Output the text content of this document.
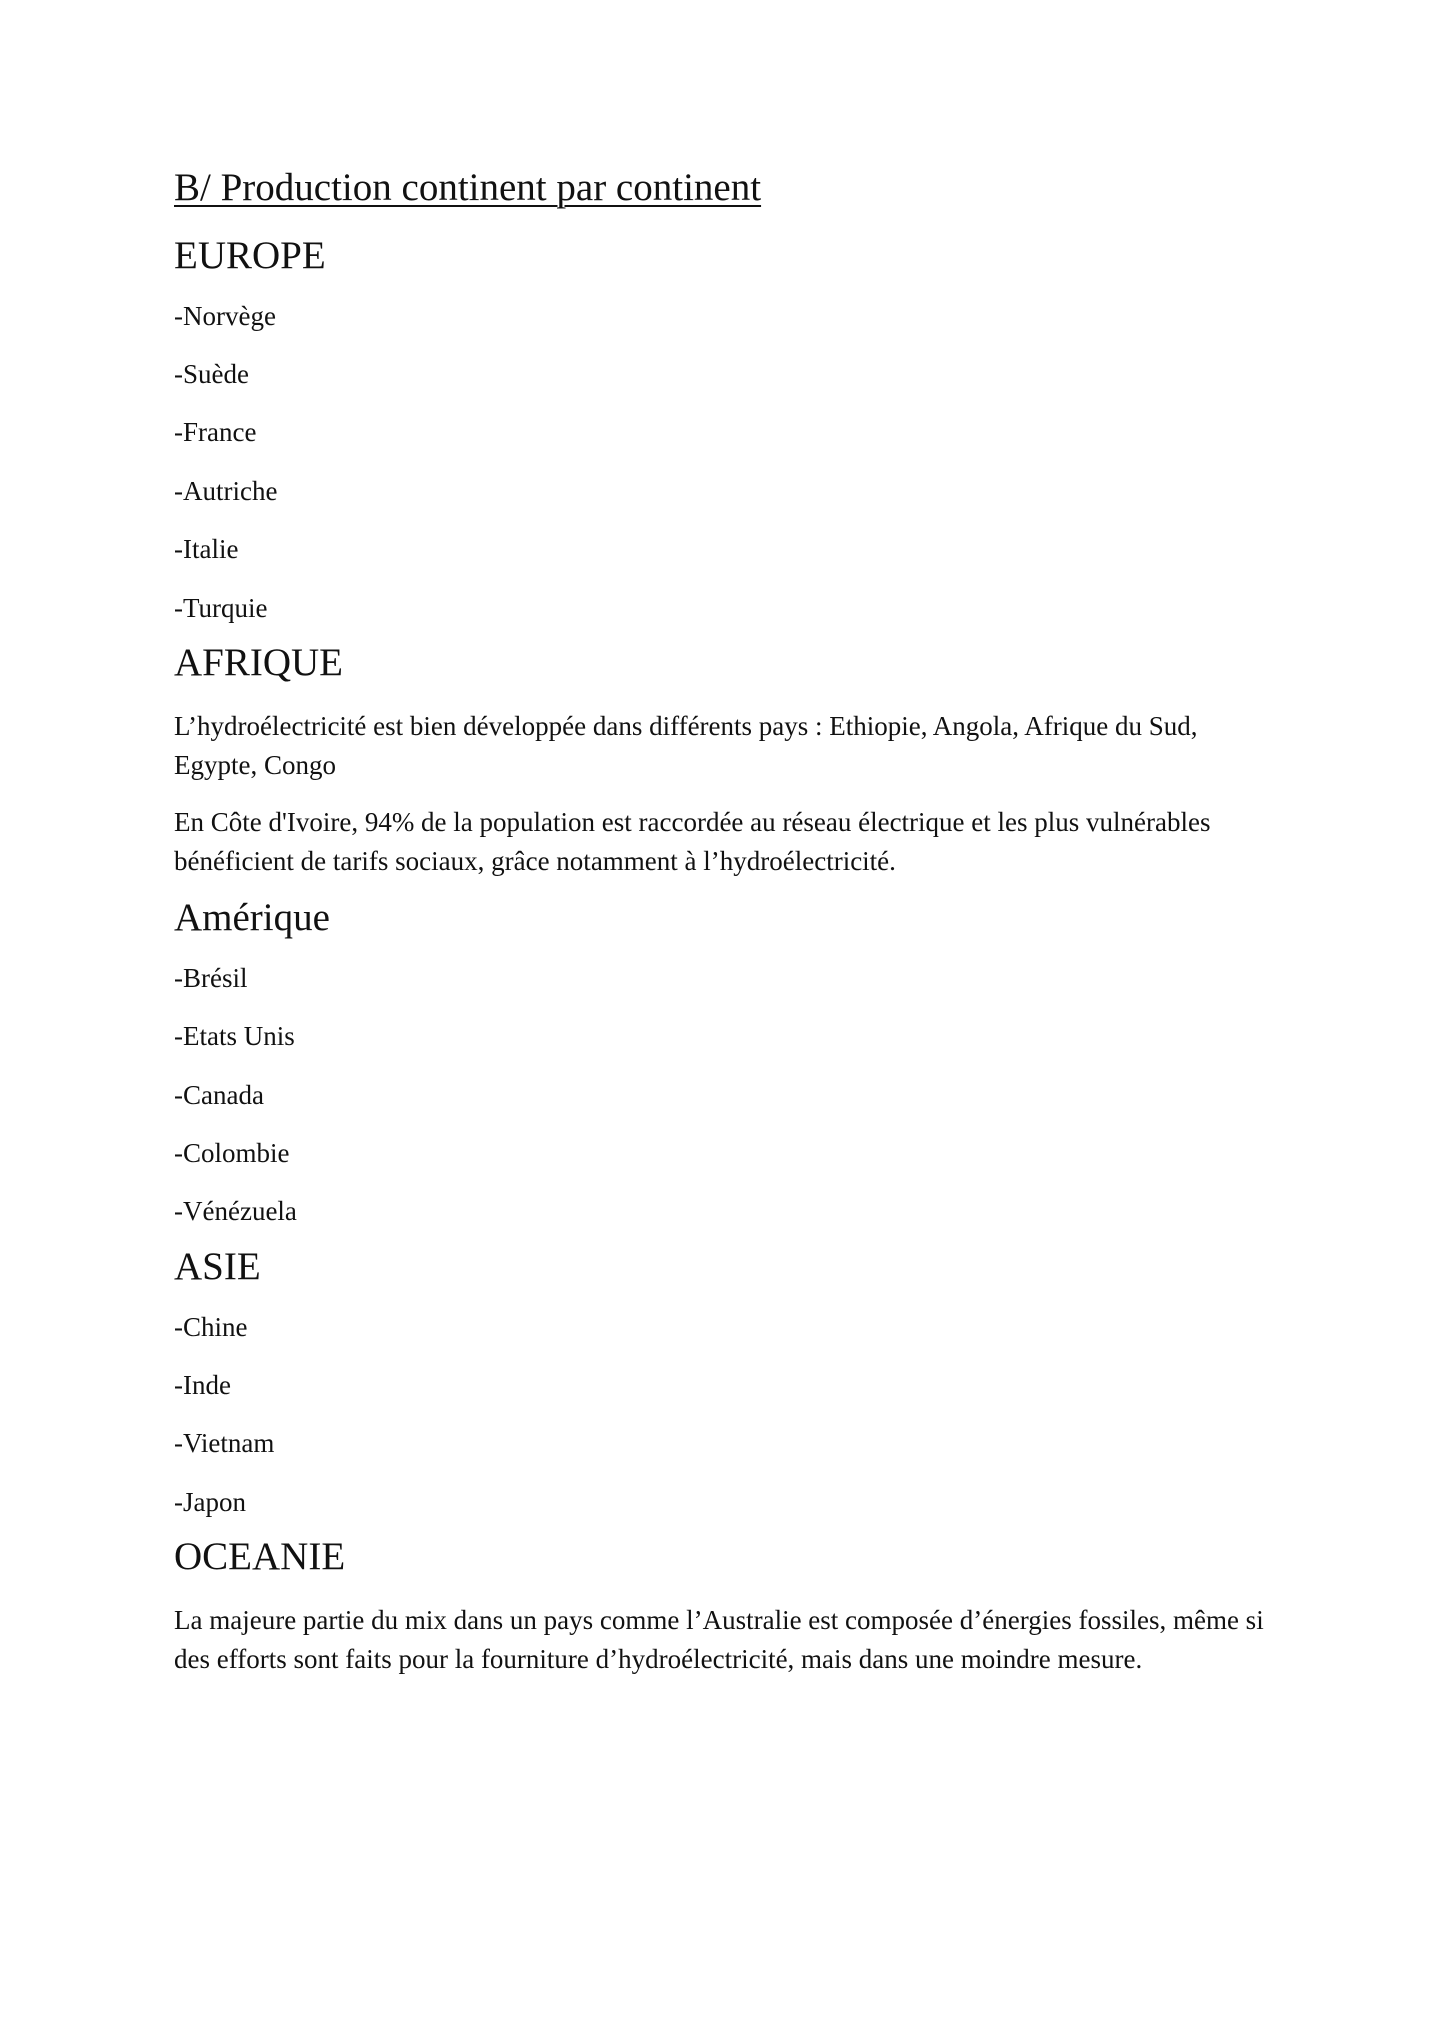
B/ Production continent par continent
EUROPE
-Norvège
-Suède
-France
-Autriche
-Italie
-Turquie
AFRIQUE

L’hydroélectricité est bien développée dans différents pays : Ethiopie, Angola, Afrique du Sud, Egypte, Congo

En Côte d'Ivoire, 94% de la population est raccordée au réseau électrique et les plus vulnérables bénéficient de tarifs sociaux, grâce notamment à l’hydroélectricité.

Amérique
-Brésil
-Etats Unis
-Canada
-Colombie
-Vénézuela
ASIE
-Chine
-Inde
-Vietnam
-Japon
OCEANIE

La majeure partie du mix dans un pays comme l’Australie est composée d’énergies fossiles, même si des efforts sont faits pour la fourniture d’hydroélectricité, mais dans une moindre mesure.
